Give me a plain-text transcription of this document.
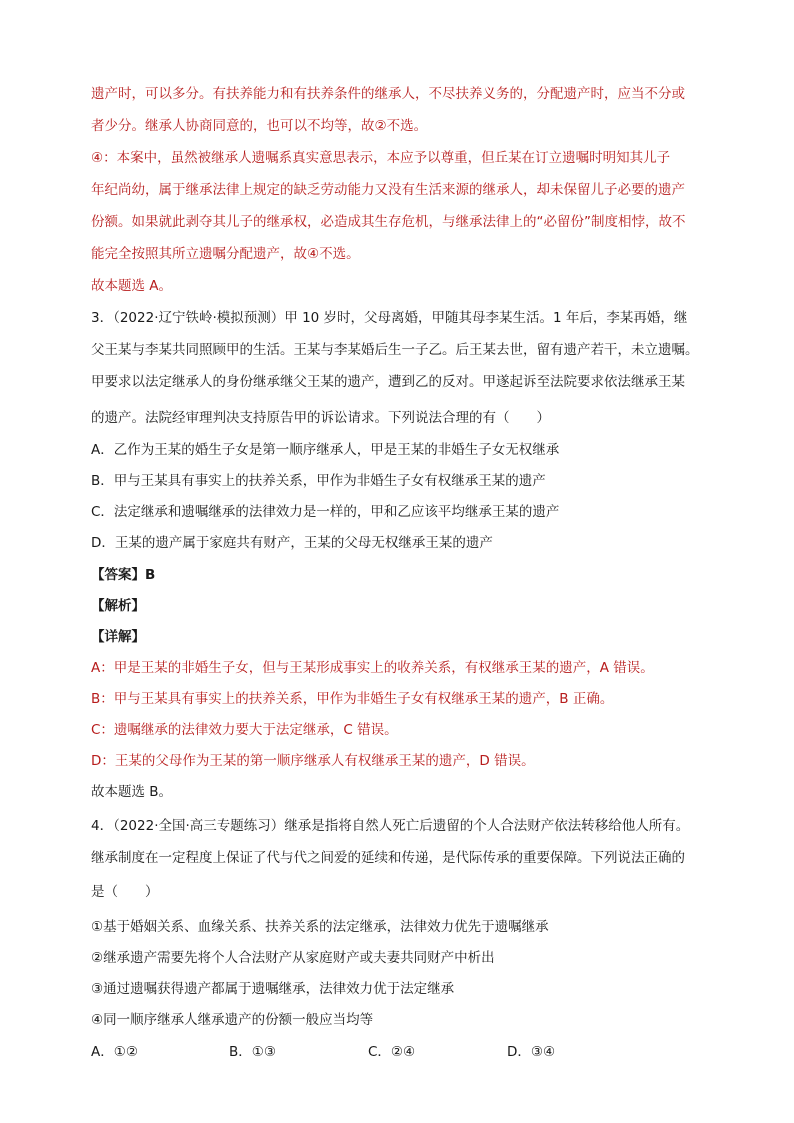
遗产时，可以多分。有扶养能力和有扶养条件的继承人，不尽扶养义务的，分配遗产时，应当不分或
者少分。继承人协商同意的，也可以不均等，故②不选。
④：本案中，虽然被继承人遗嘱系真实意思表示，本应予以尊重，但丘某在订立遗嘱时明知其儿子
年纪尚幼，属于继承法律上规定的缺乏劳动能力又没有生活来源的继承人，却未保留儿子必要的遗产
份额。如果就此剥夺其儿子的继承权，必造成其生存危机，与继承法律上的“必留份”制度相悖，故不
能完全按照其所立遗嘱分配遗产，故④不选。
故本题选 A。
3．（2022·辽宁铁岭·模拟预测）甲 10 岁时，父母离婚，甲随其母李某生活。1 年后，李某再婚，继
父王某与李某共同照顾甲的生活。王某与李某婚后生一子乙。后王某去世，留有遗产若干，未立遗嘱。
甲要求以法定继承人的身份继承继父王某的遗产，遭到乙的反对。甲遂起诉至法院要求依法继承王某
的遗产。法院经审理判决支持原告甲的诉讼请求。下列说法合理的有（　　）
A．乙作为王某的婚生子女是第一顺序继承人，甲是王某的非婚生子女无权继承
B．甲与王某具有事实上的扶养关系，甲作为非婚生子女有权继承王某的遗产
C．法定继承和遗嘱继承的法律效力是一样的，甲和乙应该平均继承王某的遗产
D．王某的遗产属于家庭共有财产，王某的父母无权继承王某的遗产
【答案】B
【解析】
【详解】
A：甲是王某的非婚生子女，但与王某形成事实上的收养关系，有权继承王某的遗产，A 错误。
B：甲与王某具有事实上的扶养关系，甲作为非婚生子女有权继承王某的遗产，B 正确。
C：遗嘱继承的法律效力要大于法定继承，C 错误。
D：王某的父母作为王某的第一顺序继承人有权继承王某的遗产，D 错误。
故本题选 B。
4．（2022·全国·高三专题练习）继承是指将自然人死亡后遗留的个人合法财产依法转移给他人所有。
继承制度在一定程度上保证了代与代之间爱的延续和传递，是代际传承的重要保障。下列说法正确的
是（　　）
①基于婚姻关系、血缘关系、扶养关系的法定继承，法律效力优先于遗嘱继承
②继承遗产需要先将个人合法财产从家庭财产或夫妻共同财产中析出
③通过遗嘱获得遗产都属于遗嘱继承，法律效力优于法定继承
④同一顺序继承人继承遗产的份额一般应当均等
A．①②	B．①③	C．②④	D．③④
